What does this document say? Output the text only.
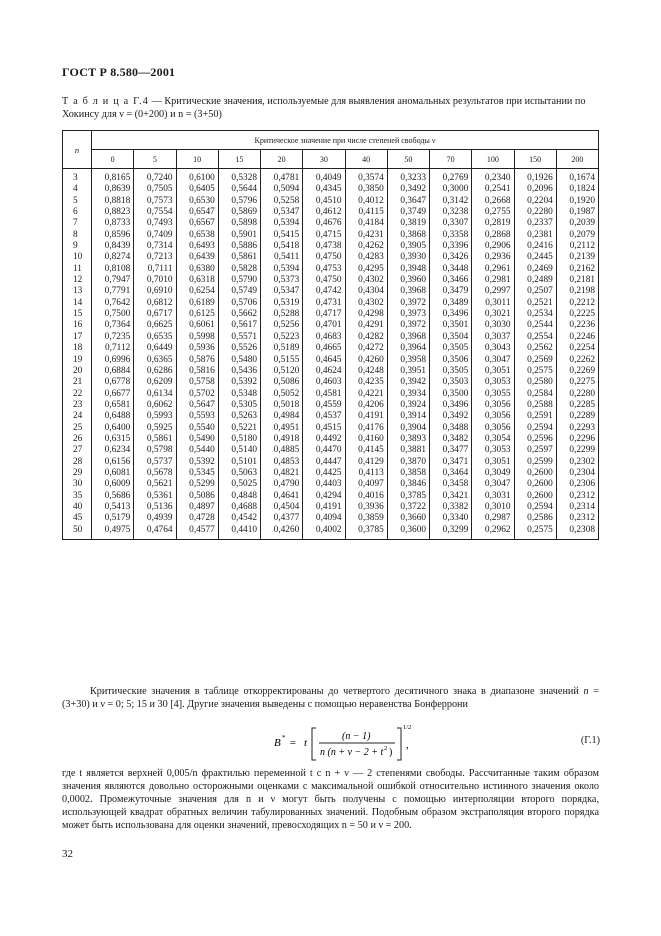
ГОСТ Р 8.580—2001
Т а б л и ц а Г.4 — Критические значения, используемые для выявления аномальных результатов при испытании по Хокинсу для ν = (0+200) и n = (3+50)
n	Критическое значение при числе степеней свободы ν											
	0	5	10	15	20	30	40	50	70	100	150	200
3	0,8165	0,7240	0,6100	0,5328	0,4781	0,4049	0,3574	0,3233	0,2769	0,2340	0,1926	0,1674
4	0,8639	0,7505	0,6405	0,5644	0,5094	0,4345	0,3850	0,3492	0,3000	0,2541	0,2096	0,1824
5	0,8818	0,7573	0,6530	0,5796	0,5258	0,4510	0,4012	0,3647	0,3142	0,2668	0,2204	0,1920
6	0,8823	0,7554	0,6547	0,5869	0,5347	0,4612	0,4115	0,3749	0,3238	0,2755	0,2280	0,1987
7	0,8733	0,7493	0,6567	0,5898	0,5394	0,4676	0,4184	0,3819	0,3307	0,2819	0,2337	0,2039
8	0,8596	0,7409	0,6538	0,5901	0,5415	0,4715	0,4231	0,3868	0,3358	0,2868	0,2381	0,2079
9	0,8439	0,7314	0,6493	0,5886	0,5418	0,4738	0,4262	0,3905	0,3396	0,2906	0,2416	0,2112
10	0,8274	0,7213	0,6439	0,5861	0,5411	0,4750	0,4283	0,3930	0,3426	0,2936	0,2445	0,2139
11	0,8108	0,7111	0,6380	0,5828	0,5394	0,4753	0,4295	0,3948	0,3448	0,2961	0,2469	0,2162
12	0,7947	0,7010	0,6318	0,5790	0,5373	0,4750	0,4302	0,3960	0,3466	0,2981	0,2489	0,2181
13	0,7791	0,6910	0,6254	0,5749	0,5347	0,4742	0,4304	0,3968	0,3479	0,2997	0,2507	0,2198
14	0,7642	0,6812	0,6189	0,5706	0,5319	0,4731	0,4302	0,3972	0,3489	0,3011	0,2521	0,2212
15	0,7500	0,6717	0,6125	0,5662	0,5288	0,4717	0,4298	0,3973	0,3496	0,3021	0,2534	0,2225
16	0,7364	0,6625	0,6061	0,5617	0,5256	0,4701	0,4291	0,3972	0,3501	0,3030	0,2544	0,2236
17	0,7235	0,6535	0,5998	0,5571	0,5223	0,4683	0,4282	0,3968	0,3504	0,3037	0,2554	0,2246
18	0,7112	0,6449	0,5936	0,5526	0,5189	0,4665	0,4272	0,3964	0,3505	0,3043	0,2562	0,2254
19	0,6996	0,6365	0,5876	0,5480	0,5155	0,4645	0,4260	0,3958	0,3506	0,3047	0,2569	0,2262
20	0,6884	0,6286	0,5816	0,5436	0,5120	0,4624	0,4248	0,3951	0,3505	0,3051	0,2575	0,2269
21	0,6778	0,6209	0,5758	0,5392	0,5086	0,4603	0,4235	0,3942	0,3503	0,3053	0,2580	0,2275
22	0,6677	0,6134	0,5702	0,5348	0,5052	0,4581	0,4221	0,3934	0,3500	0,3055	0,2584	0,2280
23	0,6581	0,6062	0,5647	0,5305	0,5018	0,4559	0,4206	0,3924	0,3496	0,3056	0,2588	0,2285
24	0,6488	0,5993	0,5593	0,5263	0,4984	0,4537	0,4191	0,3914	0,3492	0,3056	0,2591	0,2289
25	0,6400	0,5925	0,5540	0,5221	0,4951	0,4515	0,4176	0,3904	0,3488	0,3056	0,2594	0,2293
26	0,6315	0,5861	0,5490	0,5180	0,4918	0,4492	0,4160	0,3893	0,3482	0,3054	0,2596	0,2296
27	0,6234	0,5798	0,5440	0,5140	0,4885	0,4470	0,4145	0,3881	0,3477	0,3053	0,2597	0,2299
28	0,6156	0,5737	0,5392	0,5101	0,4853	0,4447	0,4129	0,3870	0,3471	0,3051	0,2599	0,2302
29	0,6081	0,5678	0,5345	0,5063	0,4821	0,4425	0,4113	0,3858	0,3464	0,3049	0,2600	0,2304
30	0,6009	0,5621	0,5299	0,5025	0,4790	0,4403	0,4097	0,3846	0,3458	0,3047	0,2600	0,2306
35	0,5686	0,5361	0,5086	0,4848	0,4641	0,4294	0,4016	0,3785	0,3421	0,3031	0,2600	0,2312
40	0,5413	0,5136	0,4897	0,4688	0,4504	0,4191	0,3936	0,3722	0,3382	0,3010	0,2594	0,2314
45	0,5179	0,4939	0,4728	0,4542	0,4377	0,4094	0,3859	0,3660	0,3340	0,2987	0,2586	0,2312
50	0,4975	0,4764	0,4577	0,4410	0,4260	0,4002	0,3785	0,3600	0,3299	0,2962	0,2575	0,2308
Критические значения в таблице откорректированы до четвертого десятичного знака в диапазоне значений n = (3+30) и ν = 0; 5; 15 и 30 [4]. Другие значения выведены с помощью неравенства Бонферрони
B * = t
(n − 1)
n (n + ν − 2 + t 2 )
1/2
,	(Г.1)
где t является верхней 0,005/n фрактилью переменной t с n + ν — 2 степенями свободы. Рассчитанные таким образом значения являются довольно осторожными оценками с максимальной ошибкой относительно истинного значения около 0,0002. Промежуточные значения для n и ν могут быть получены с помощью интерполяции второго порядка, использующей квадрат обратных величин табулированных значений. Подобным образом экстраполяция второго порядка может быть использована для оценки значений, превосходящих n = 50 и ν = 200.
32
